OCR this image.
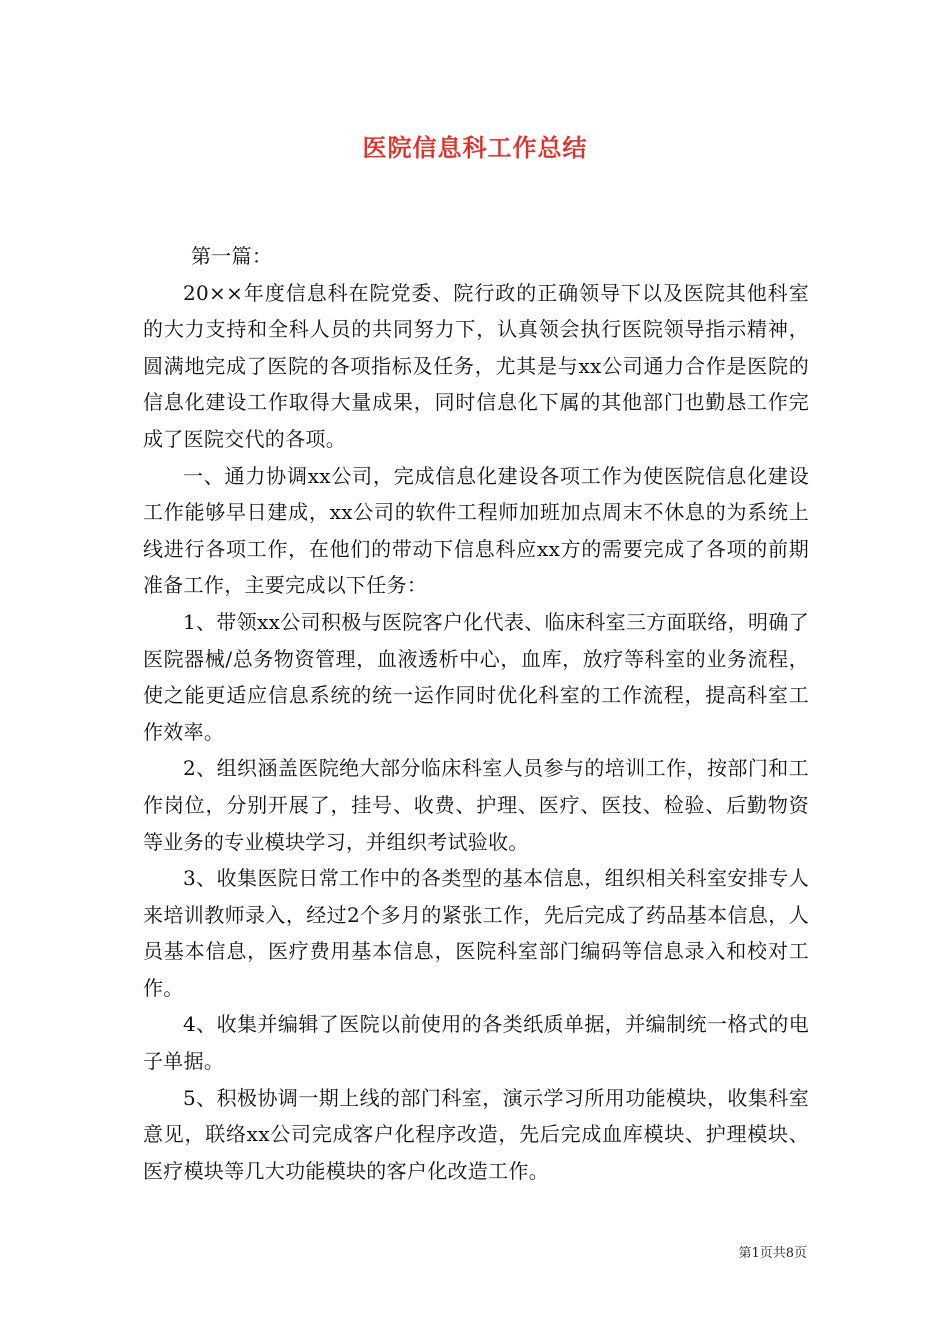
医院信息科工作总结

第一篇：

20××年度信息科在院党委、院行政的正确领导下以及医院其他科室的大力支持和全科人员的共同努力下，认真领会执行医院领导指示精神，圆满地完成了医院的各项指标及任务，尤其是与xx公司通力合作是医院的信息化建设工作取得大量成果，同时信息化下属的其他部门也勤恳工作完成了医院交代的各项。

一、通力协调xx公司，完成信息化建设各项工作为使医院信息化建设工作能够早日建成，xx公司的软件工程师加班加点周末不休息的为系统上线进行各项工作，在他们的带动下信息科应xx方的需要完成了各项的前期准备工作，主要完成以下任务：

1、带领xx公司积极与医院客户化代表、临床科室三方面联络，明确了医院器械/总务物资管理，血液透析中心，血库，放疗等科室的业务流程，使之能更适应信息系统的统一运作同时优化科室的工作流程，提高科室工作效率。

2、组织涵盖医院绝大部分临床科室人员参与的培训工作，按部门和工作岗位，分别开展了，挂号、收费、护理、医疗、医技、检验、后勤物资等业务的专业模块学习，并组织考试验收。

3、收集医院日常工作中的各类型的基本信息，组织相关科室安排专人来培训教师录入，经过2个多月的紧张工作，先后完成了药品基本信息，人员基本信息，医疗费用基本信息，医院科室部门编码等信息录入和校对工作。

4、收集并编辑了医院以前使用的各类纸质单据，并编制统一格式的电子单据。

5、积极协调一期上线的部门科室，演示学习所用功能模块，收集科室意见，联络xx公司完成客户化程序改造，先后完成血库模块、护理模块、医疗模块等几大功能模块的客户化改造工作。

第1页共8页
